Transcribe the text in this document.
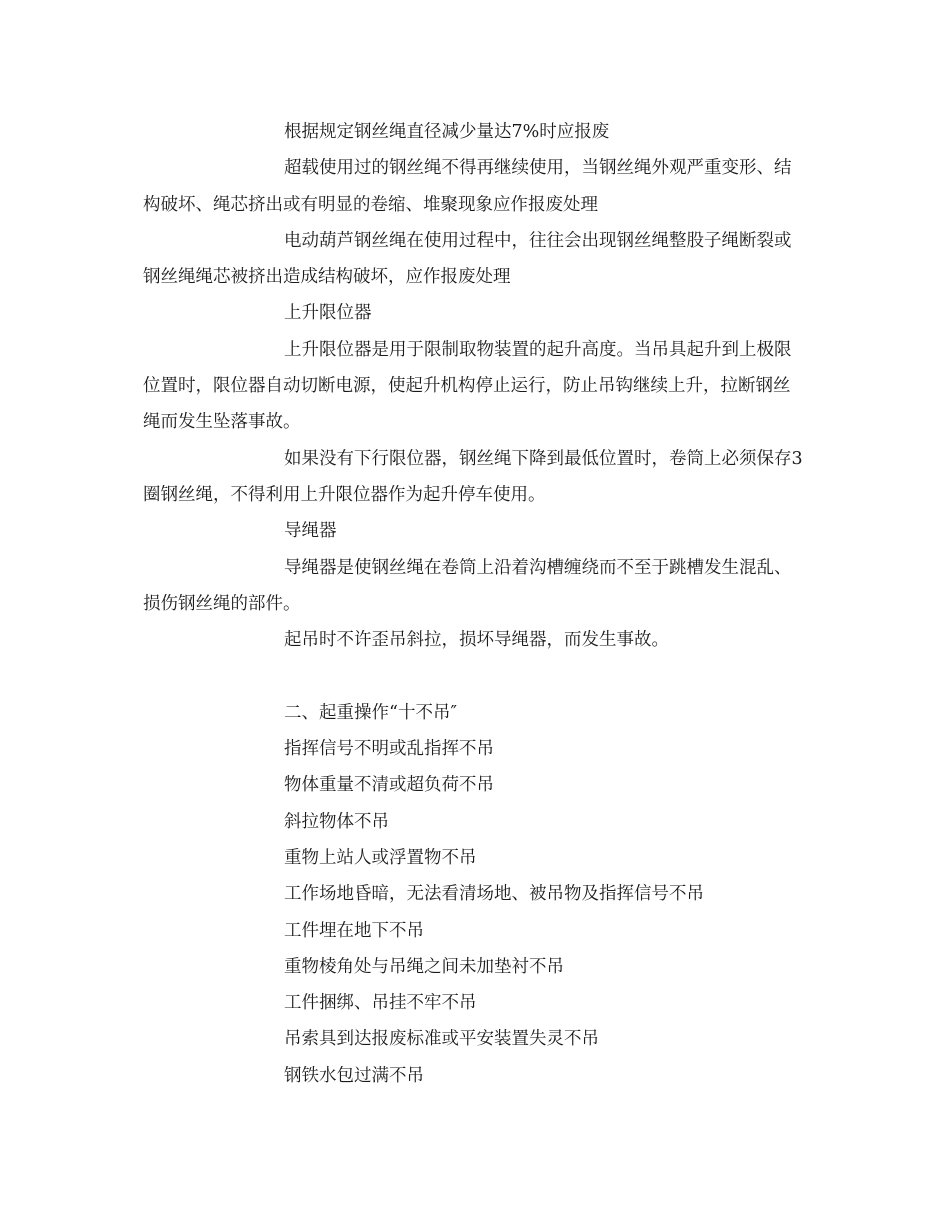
根据规定钢丝绳直径减少量达7%时应报废

超载使用过的钢丝绳不得再继续使用，当钢丝绳外观严重变形、结构破坏、绳芯挤出或有明显的卷缩、堆聚现象应作报废处理

电动葫芦钢丝绳在使用过程中，往往会出现钢丝绳整股子绳断裂或钢丝绳绳芯被挤出造成结构破坏，应作报废处理

上升限位器

上升限位器是用于限制取物装置的起升高度。当吊具起升到上极限位置时，限位器自动切断电源，使起升机构停止运行，防止吊钩继续上升，拉断钢丝绳而发生坠落事故。

如果没有下行限位器，钢丝绳下降到最低位置时，卷筒上必须保存3圈钢丝绳，不得利用上升限位器作为起升停车使用。

导绳器

导绳器是使钢丝绳在卷筒上沿着沟槽缠绕而不至于跳槽发生混乱、损伤钢丝绳的部件。

起吊时不许歪吊斜拉，损坏导绳器，而发生事故。

二、起重操作“十不吊″

指挥信号不明或乱指挥不吊

物体重量不清或超负荷不吊

斜拉物体不吊

重物上站人或浮置物不吊

工作场地昏暗，无法看清场地、被吊物及指挥信号不吊

工件埋在地下不吊

重物棱角处与吊绳之间未加垫衬不吊

工件捆绑、吊挂不牢不吊

吊索具到达报废标准或平安装置失灵不吊

钢铁水包过满不吊
